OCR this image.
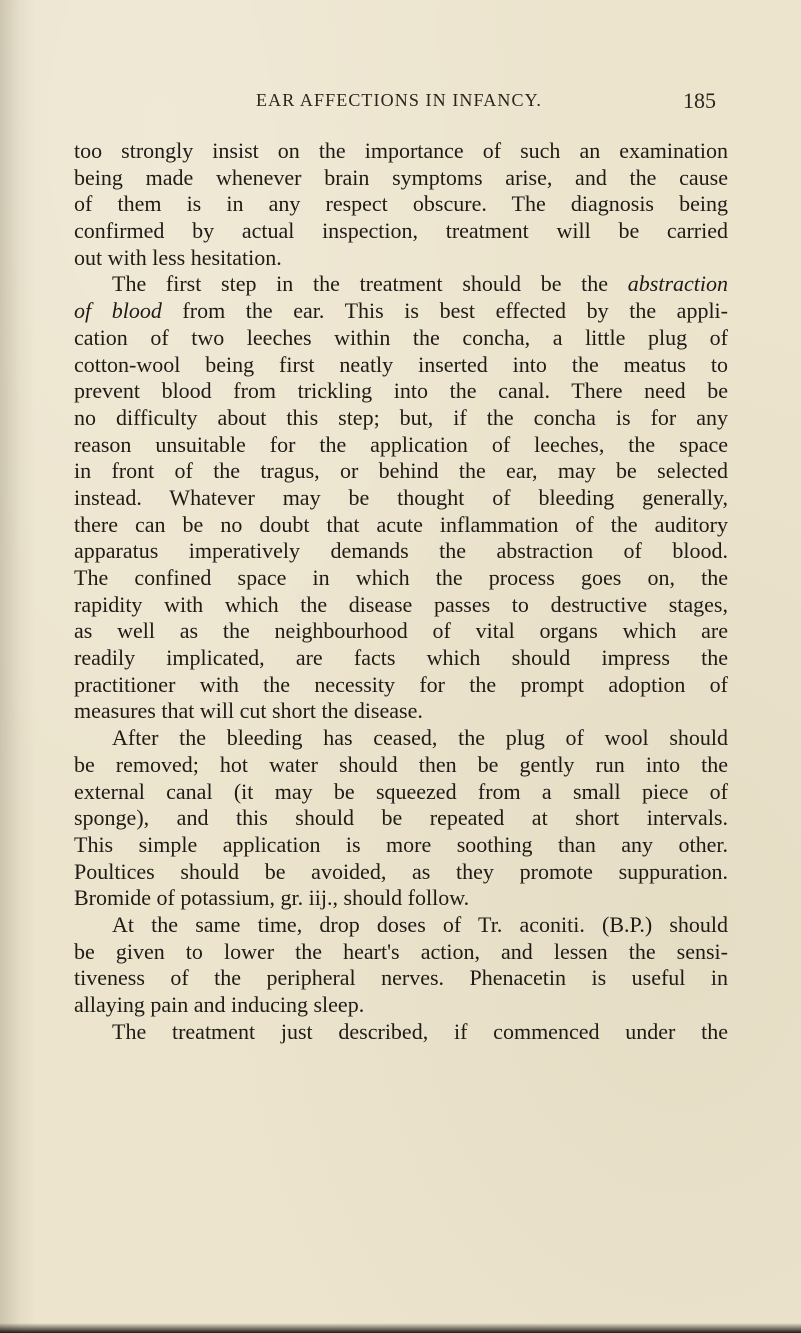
EAR AFFECTIONS IN INFANCY.	185
too strongly insist on the importance of such an examination
being made whenever brain symptoms arise, and the cause
of them is in any respect obscure. The diagnosis being
confirmed by actual inspection, treatment will be carried
out with less hesitation.
The first step in the treatment should be the abstraction
of blood from the ear. This is best effected by the appli-
cation of two leeches within the concha, a little plug of
cotton-wool being first neatly inserted into the meatus to
prevent blood from trickling into the canal. There need be
no difficulty about this step; but, if the concha is for any
reason unsuitable for the application of leeches, the space
in front of the tragus, or behind the ear, may be selected
instead. Whatever may be thought of bleeding generally,
there can be no doubt that acute inflammation of the auditory
apparatus imperatively demands the abstraction of blood.
The confined space in which the process goes on, the
rapidity with which the disease passes to destructive stages,
as well as the neighbourhood of vital organs which are
readily implicated, are facts which should impress the
practitioner with the necessity for the prompt adoption of
measures that will cut short the disease.
After the bleeding has ceased, the plug of wool should
be removed; hot water should then be gently run into the
external canal (it may be squeezed from a small piece of
sponge), and this should be repeated at short intervals.
This simple application is more soothing than any other.
Poultices should be avoided, as they promote suppuration.
Bromide of potassium, gr. iij., should follow.
At the same time, drop doses of Tr. aconiti. (B.P.) should
be given to lower the heart's action, and lessen the sensi-
tiveness of the peripheral nerves. Phenacetin is useful in
allaying pain and inducing sleep.
The treatment just described, if commenced under the
